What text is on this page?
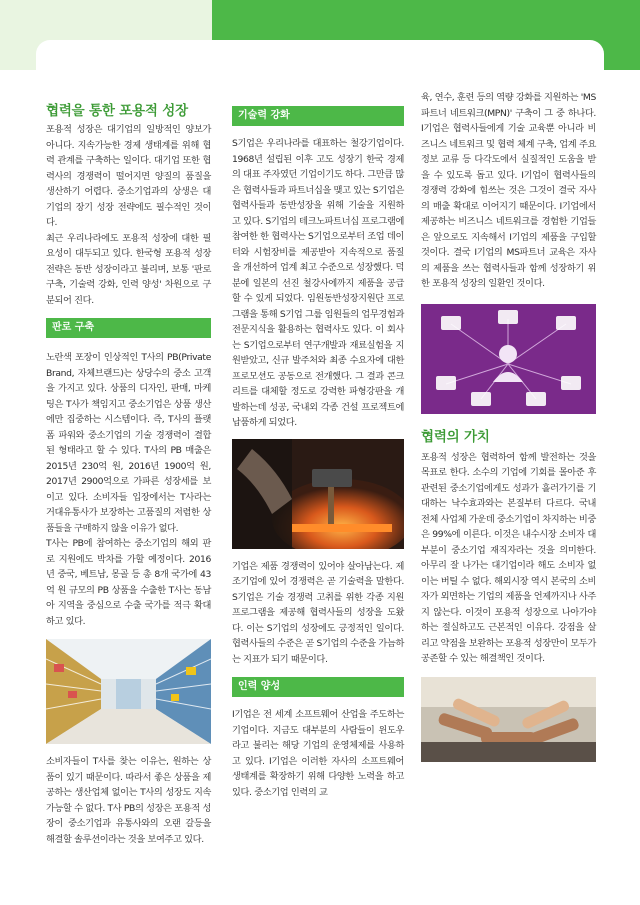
협력을 통한 포용적 성장

포용적 성장은 대기업의 일방적인 양보가 아니다. 지속가능한 경제 생태계를 위해 협력 관계를 구축하는 일이다. 대기업 또한 협력사의 경쟁력이 떨어지면 양질의 품질을 생산하기 어렵다. 중소기업과의 상생은 대기업의 장기 성장 전략에도 필수적인 것이다.

최근 우리나라에도 포용적 성장에 대한 필요성이 대두되고 있다. 한국형 포용적 성장 전략은 동반 성장이라고 불리며, 보통 '판로 구축, 기술력 강화, 인력 양성' 차원으로 구분되어 진다.

판로 구축

노란색 포장이 인상적인 T사의 PB(Private Brand, 자체브랜드)는 상당수의 중소 고객을 가지고 있다. 상품의 디자인, 판매, 마케팅은 T사가 책임지고 중소기업은 상품 생산에만 집중하는 시스템이다. 즉, T사의 플랫폼 파워와 중소기업의 기술 경쟁력이 결합된 형태라고 할 수 있다. T사의 PB 매출은 2015년 230억 원, 2016년 1900억 원, 2017년 2900억으로 가파른 성장세를 보이고 있다. 소비자들 입장에서는 T사라는 거대유통사가 보장하는 고품질의 저렴한 상품들을 구매하지 않을 이유가 없다.

T사는 PB에 참여하는 중소기업의 해외 판로 지원에도 박차를 가할 예정이다. 2016년 중국, 베트남, 몽골 등 총 8개 국가에 43억 원 규모의 PB 상품을 수출한 T사는 동남아 지역을 중심으로 수출 국가를 적극 확대하고 있다.

소비자들이 T사를 찾는 이유는, 원하는 상품이 있기 때문이다. 따라서 좋은 상품을 제공하는 생산업체 없이는 T사의 성장도 지속가능할 수 없다. T사 PB의 성장은 포용적 성장이 중소기업과 유통사와의 오랜 갈등을 해결할 솔루션이라는 것을 보여주고 있다.

기술력 강화

S기업은 우리나라를 대표하는 철강기업이다. 1968년 설립된 이후 고도 성장기 한국 경제의 대표 주자였던 기업이기도 하다. 그만큼 많은 협력사들과 파트너십을 맺고 있는 S기업은 협력사들과 동반성장을 위해 기술을 지원하고 있다. S기업의 테크노파트너십 프로그램에 참여한 한 협력사는 S기업으로부터 조업 데이터와 시험장비를 제공받아 지속적으로 품질을 개선하여 업계 최고 수준으로 성장했다. 덕분에 일본의 선진 철강사에까지 제품을 공급할 수 있게 되었다. 임원동반성장지원단 프로그램을 통해 S기업 그룹 임원들의 업무경험과 전문지식을 활용하는 협력사도 있다. 이 회사는 S기업으로부터 연구개발과 재료실험을 지원받았고, 신규 발주처와 최종 수요자에 대한 프로모션도 공동으로 전개했다. 그 결과 콘크리트를 대체할 정도로 강력한 파형강판을 개발하는데 성공, 국내외 각종 건설 프로젝트에 납품하게 되었다.

기업은 제품 경쟁력이 있어야 살아남는다. 제조기업에 있어 경쟁력은 곧 기술력을 말한다. S기업은 기술 경쟁력 고취를 위한 각종 지원 프로그램을 제공해 협력사들의 성장을 도왔다. 이는 S기업의 성장에도 긍정적인 일이다. 협력사들의 수준은 곧 S기업의 수준을 가늠하는 지표가 되기 때문이다.

인력 양성

I기업은 전 세계 소프트웨어 산업을 주도하는 기업이다. 지금도 대부분의 사람들이 윈도우라고 불리는 해당 기업의 운영체제를 사용하고 있다. I기업은 이러한 자사의 소프트웨어 생태계를 확장하기 위해 다양한 노력을 하고 있다. 중소기업 인력의 교

육, 연수, 훈련 등의 역량 강화를 지원하는 'MS 파트너 네트워크(MPN)' 구축이 그 중 하나다. I기업은 협력사들에게 기술 교육뿐 아니라 비즈니스 네트워크 및 협력 체계 구축, 업계 주요 정보 교류 등 다각도에서 실질적인 도움을 받을 수 있도록 돕고 있다. I기업이 협력사들의 경쟁력 강화에 힘쓰는 것은 그것이 결국 자사의 매출 확대로 이어지기 때문이다. I기업에서 제공하는 비즈니스 네트워크를 경험한 기업들은 앞으로도 지속해서 I기업의 제품을 구입할 것이다. 결국 I기업의 MS파트너 교육은 자사의 제품을 쓰는 협력사들과 함께 성장하기 위한 포용적 성장의 일환인 것이다.

협력의 가치

포용적 성장은 협력하여 함께 발전하는 것을 목표로 한다. 소수의 기업에 기회를 몰아준 후 관련된 중소기업에게도 성과가 흘러가기를 기대하는 낙수효과와는 본질부터 다르다. 국내 전체 사업체 가운데 중소기업이 차지하는 비중은 99%에 이른다. 이것은 내수시장 소비자 대부분이 중소기업 재직자라는 것을 의미한다. 아무리 잘 나가는 대기업이라 해도 소비자 없이는 버틸 수 없다. 해외시장 역시 본국의 소비자가 외면하는 기업의 제품을 언제까지나 사주지 않는다. 이것이 포용적 성장으로 나아가야 하는 절실하고도 근본적인 이유다. 강점을 살리고 약점을 보완하는 포용적 성장만이 모두가 공존할 수 있는 해결책인 것이다.
